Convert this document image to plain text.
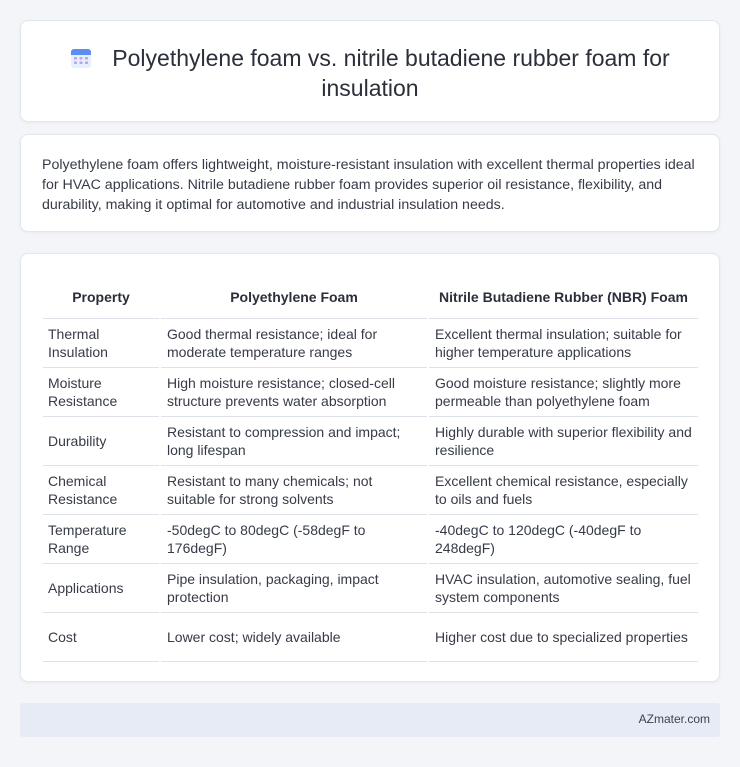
Polyethylene foam vs. nitrile butadiene rubber foam for insulation

Polyethylene foam offers lightweight, moisture-resistant insulation with excellent thermal properties ideal for HVAC applications. Nitrile butadiene rubber foam provides superior oil resistance, flexibility, and durability, making it optimal for automotive and industrial insulation needs.

Property	Polyethylene Foam	Nitrile Butadiene Rubber (NBR) Foam
Thermal Insulation	Good thermal resistance; ideal for moderate temperature ranges	Excellent thermal insulation; suitable for higher temperature applications
Moisture Resistance	High moisture resistance; closed-cell structure prevents water absorption	Good moisture resistance; slightly more permeable than polyethylene foam
Durability	Resistant to compression and impact; long lifespan	Highly durable with superior flexibility and resilience
Chemical Resistance	Resistant to many chemicals; not suitable for strong solvents	Excellent chemical resistance, especially to oils and fuels
Temperature Range	-50degC to 80degC (-58degF to 176degF)	-40degC to 120degC (-40degF to 248degF)
Applications	Pipe insulation, packaging, impact protection	HVAC insulation, automotive sealing, fuel system components
Cost	Lower cost; widely available	Higher cost due to specialized properties
AZmater.com
